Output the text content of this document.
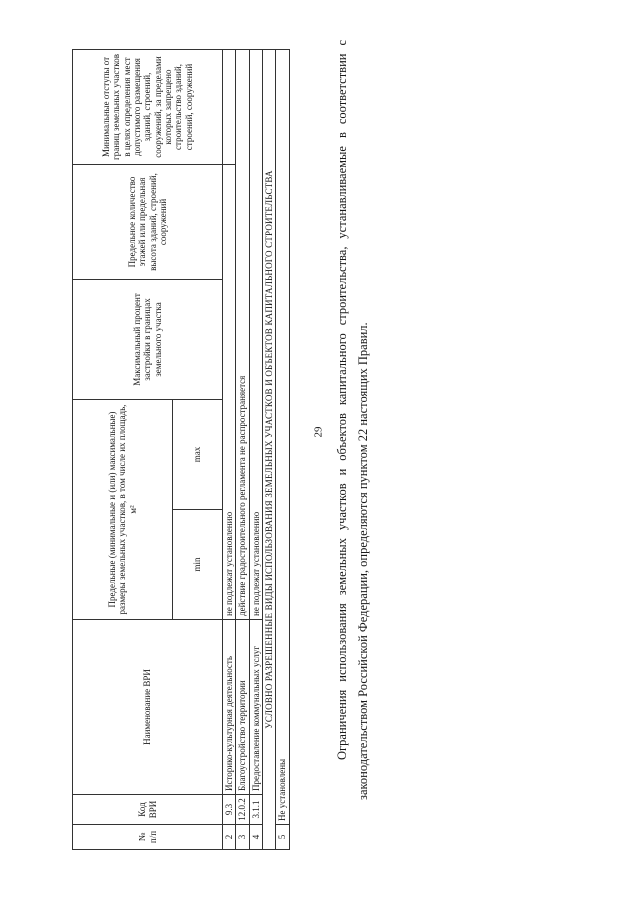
29
№ п/п	Код ВРИ	Наименование ВРИ	Предельные (минимальные и (или) максимальные) размеры земельных участков, в том числе их площадь, м²		Максимальный процент застройки в границах земельного участка	Предельное количество этажей или предельная высота зданий, строений, сооружений	Минимальные отступы от границ земельных участков в целях определения мест допустимого размещения зданий, строений, сооружений, за пределами которых запрещено строительство зданий, строений, сооружений
			min	max			
2	9.3	Историко-культурная деятельность	не подлежат установлению				
3	12.0.2	Благоустройство территории	действие градостроительного регламента не распространяется				
4	3.1.1	Предоставление коммунальных услуг	не подлежат установлению				
УСЛОВНО РАЗРЕШЕННЫЕ ВИДЫ ИСПОЛЬЗОВАНИЯ ЗЕМЕЛЬНЫХ УЧАСТКОВ И ОБЪЕКТОВ КАПИТАЛЬНОГО СТРОИТЕЛЬСТВА							
5	Не установлены						

Ограничения использования земельных участков и объектов капитального строительства, устанавливаемые в соответствии с законодательством Российской Федерации, определяются пунктом 22 настоящих Правил.
